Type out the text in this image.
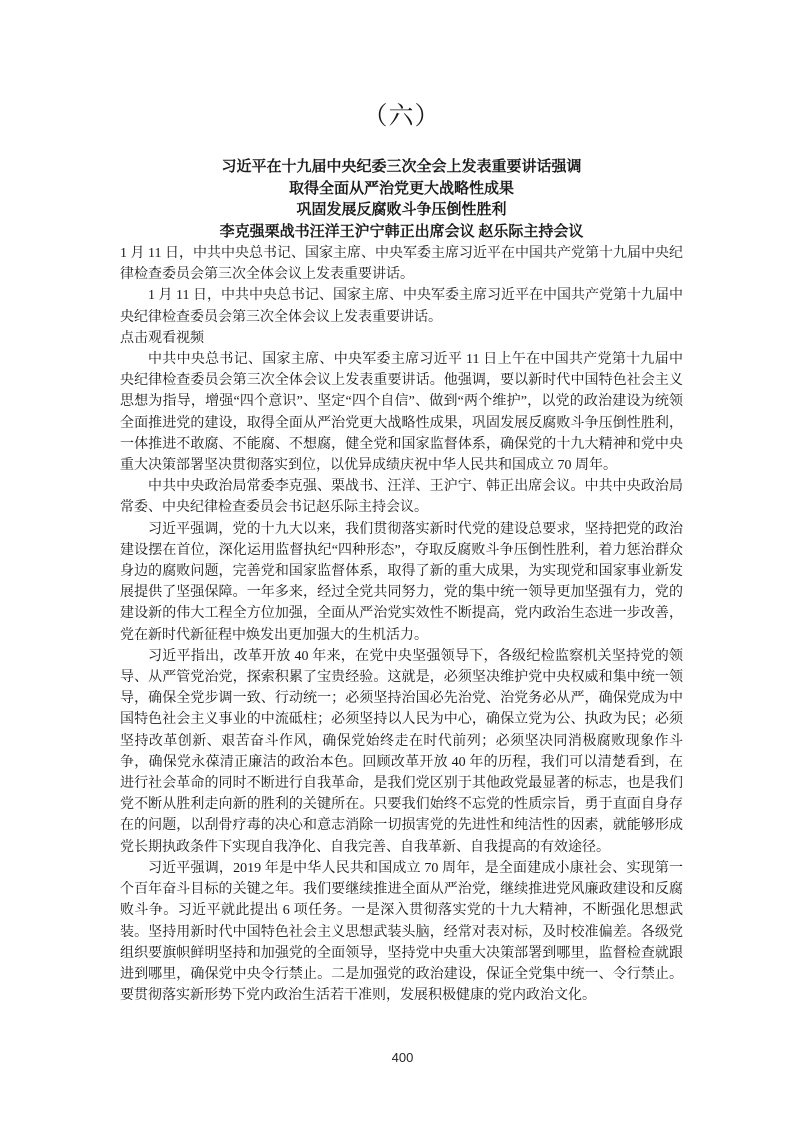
（六）
习近平在十九届中央纪委三次全会上发表重要讲话强调
取得全面从严治党更大战略性成果
巩固发展反腐败斗争压倒性胜利
李克强栗战书汪洋王沪宁韩正出席会议 赵乐际主持会议

1 月 11 日，中共中央总书记、国家主席、中央军委主席习近平在中国共产党第十九届中央纪律检查委员会第三次全体会议上发表重要讲话。

1 月 11 日，中共中央总书记、国家主席、中央军委主席习近平在中国共产党第十九届中央纪律检查委员会第三次全体会议上发表重要讲话。

点击观看视频

中共中央总书记、国家主席、中央军委主席习近平 11 日上午在中国共产党第十九届中央纪律检查委员会第三次全体会议上发表重要讲话。他强调，要以新时代中国特色社会主义思想为指导，增强“四个意识”、坚定“四个自信”、做到“两个维护”，以党的政治建设为统领全面推进党的建设，取得全面从严治党更大战略性成果，巩固发展反腐败斗争压倒性胜利，一体推进不敢腐、不能腐、不想腐，健全党和国家监督体系，确保党的十九大精神和党中央重大决策部署坚决贯彻落实到位，以优异成绩庆祝中华人民共和国成立 70 周年。

中共中央政治局常委李克强、栗战书、汪洋、王沪宁、韩正出席会议。中共中央政治局常委、中央纪律检查委员会书记赵乐际主持会议。

习近平强调，党的十九大以来，我们贯彻落实新时代党的建设总要求，坚持把党的政治建设摆在首位，深化运用监督执纪“四种形态”，夺取反腐败斗争压倒性胜利，着力惩治群众身边的腐败问题，完善党和国家监督体系，取得了新的重大成果，为实现党和国家事业新发展提供了坚强保障。一年多来，经过全党共同努力，党的集中统一领导更加坚强有力，党的建设新的伟大工程全方位加强，全面从严治党实效性不断提高，党内政治生态进一步改善，党在新时代新征程中焕发出更加强大的生机活力。

习近平指出，改革开放 40 年来，在党中央坚强领导下，各级纪检监察机关坚持党的领导、从严管党治党，探索积累了宝贵经验。这就是，必须坚决维护党中央权威和集中统一领导，确保全党步调一致、行动统一；必须坚持治国必先治党、治党务必从严，确保党成为中国特色社会主义事业的中流砥柱；必须坚持以人民为中心，确保立党为公、执政为民；必须坚持改革创新、艰苦奋斗作风，确保党始终走在时代前列；必须坚决同消极腐败现象作斗争，确保党永葆清正廉洁的政治本色。回顾改革开放 40 年的历程，我们可以清楚看到，在进行社会革命的同时不断进行自我革命，是我们党区别于其他政党最显著的标志，也是我们党不断从胜利走向新的胜利的关键所在。只要我们始终不忘党的性质宗旨，勇于直面自身存在的问题，以刮骨疗毒的决心和意志消除一切损害党的先进性和纯洁性的因素，就能够形成党长期执政条件下实现自我净化、自我完善、自我革新、自我提高的有效途径。

习近平强调，2019 年是中华人民共和国成立 70 周年，是全面建成小康社会、实现第一个百年奋斗目标的关键之年。我们要继续推进全面从严治党，继续推进党风廉政建设和反腐败斗争。习近平就此提出 6 项任务。一是深入贯彻落实党的十九大精神，不断强化思想武装。坚持用新时代中国特色社会主义思想武装头脑，经常对表对标，及时校准偏差。各级党组织要旗帜鲜明坚持和加强党的全面领导，坚持党中央重大决策部署到哪里，监督检查就跟进到哪里，确保党中央令行禁止。二是加强党的政治建设，保证全党集中统一、令行禁止。要贯彻落实新形势下党内政治生活若干准则，发展积极健康的党内政治文化。

400
